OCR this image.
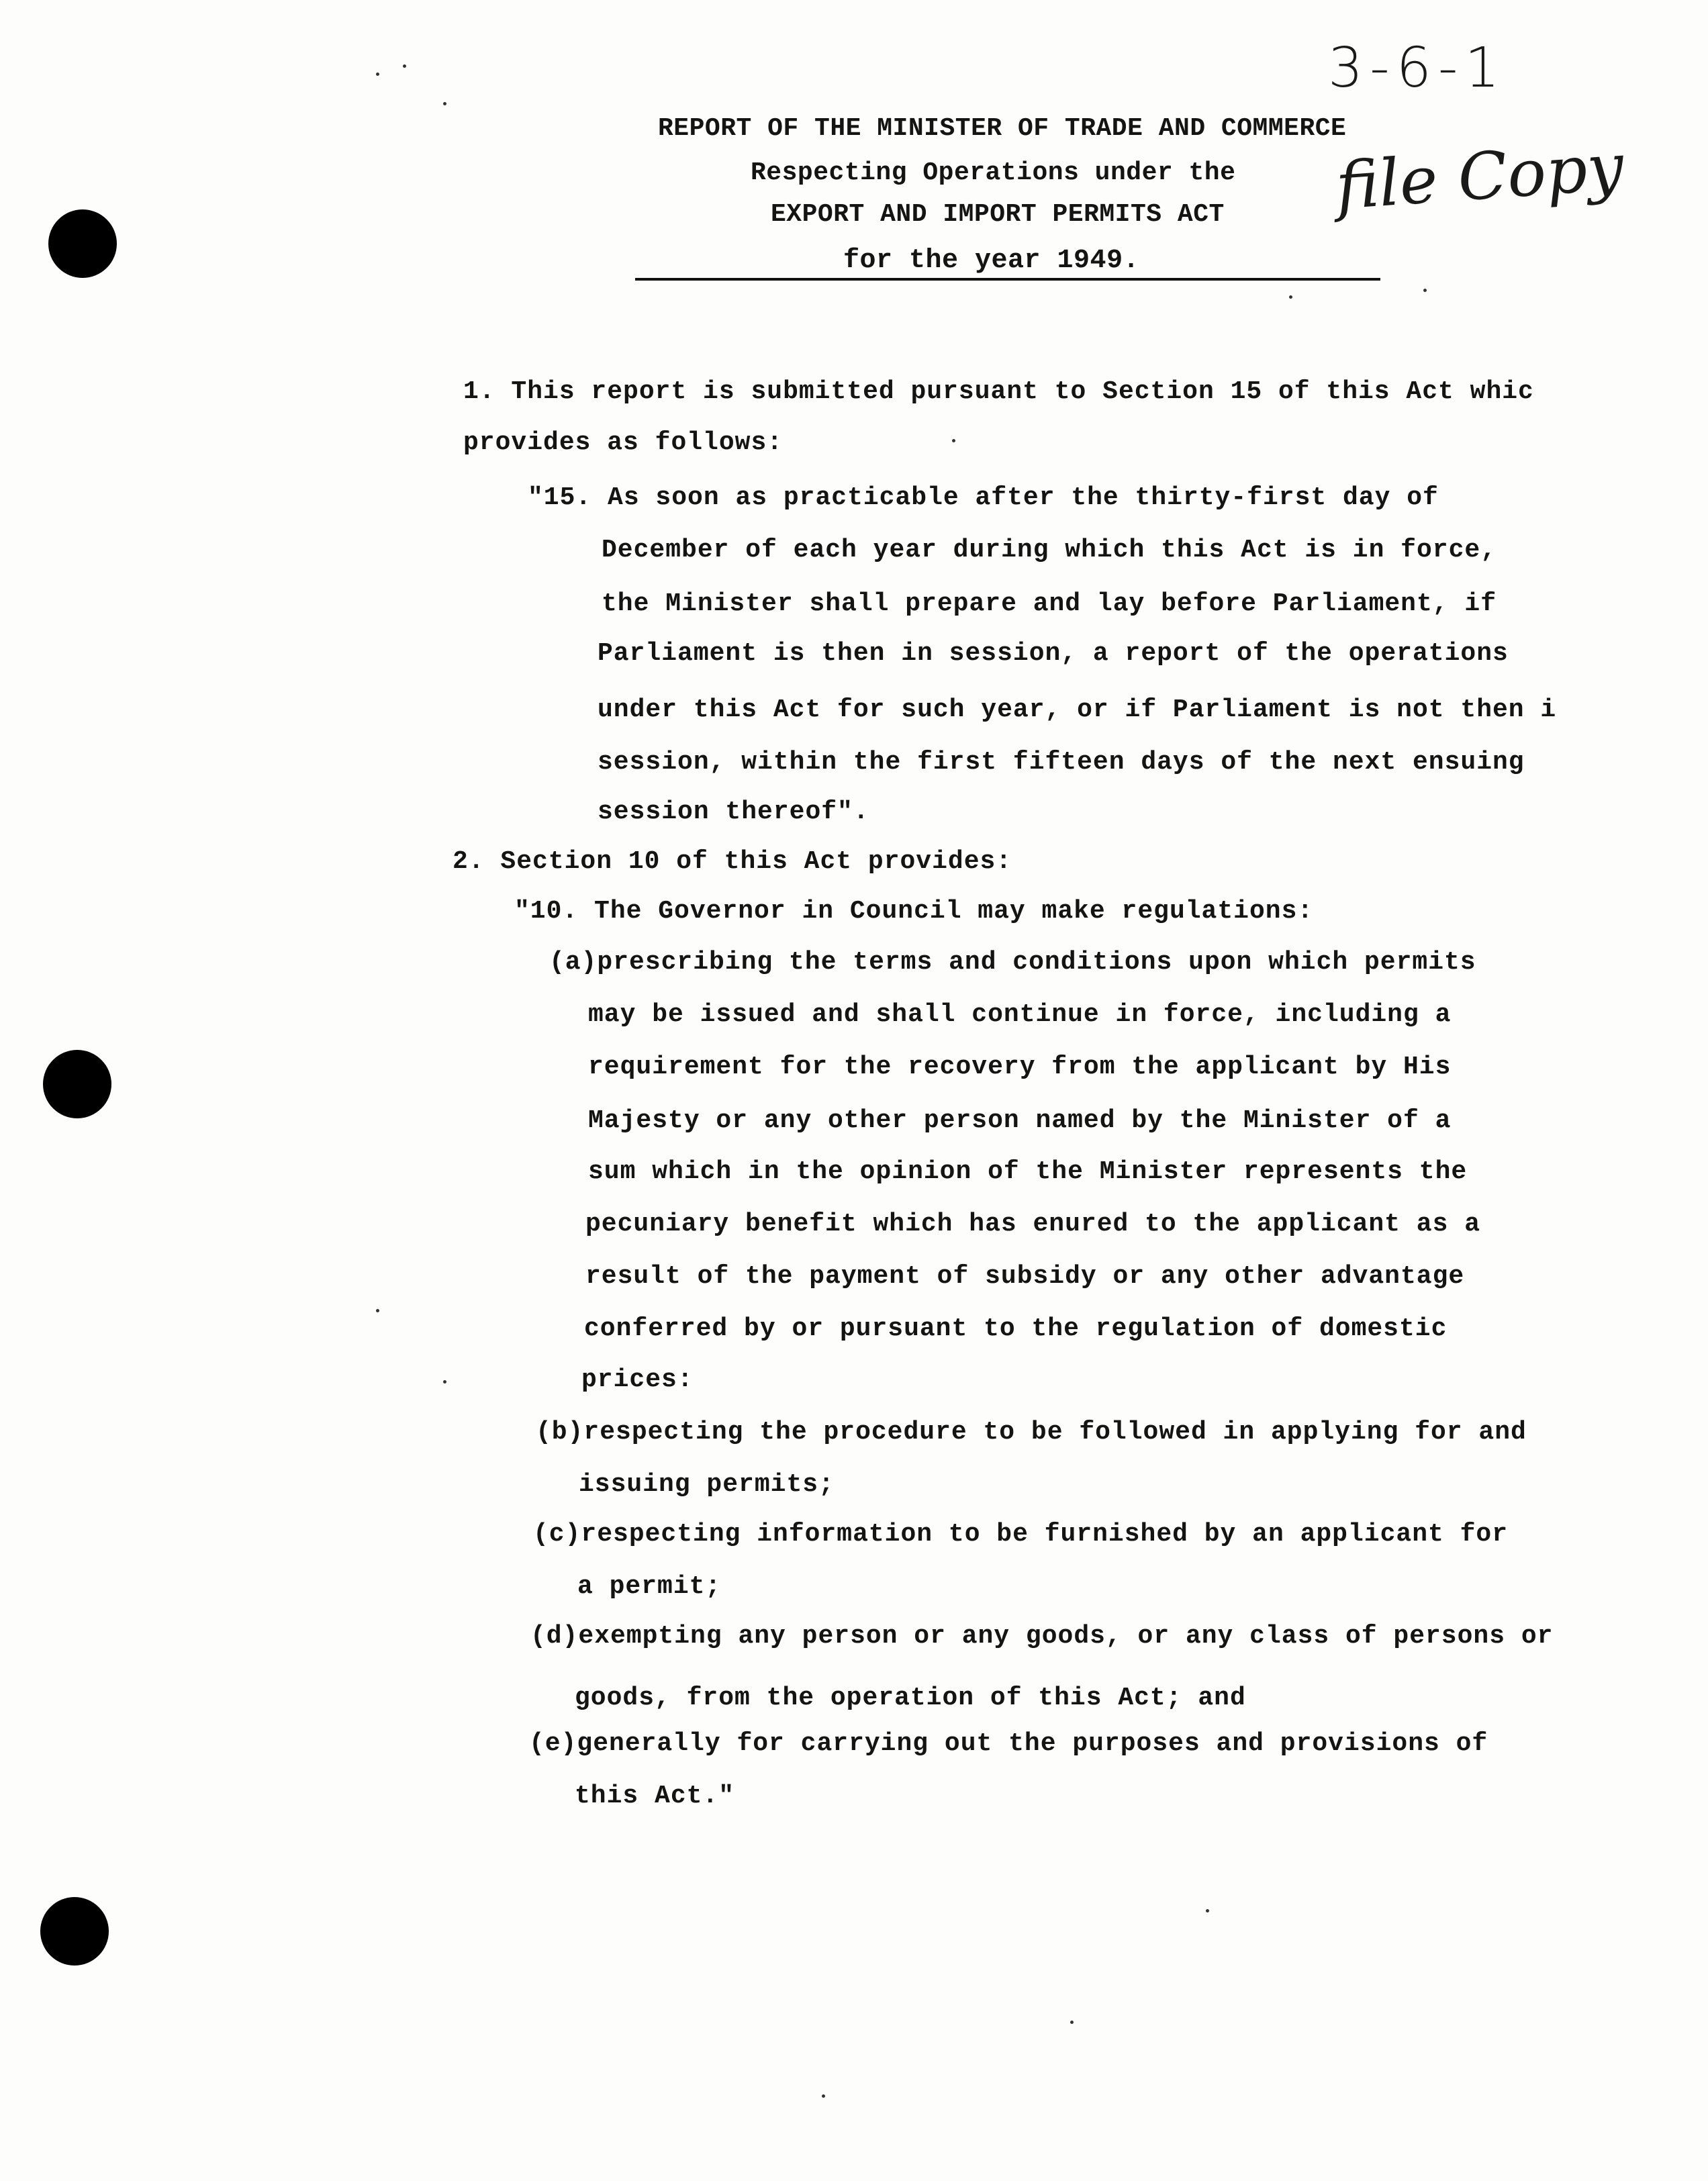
3-6-1
file Copy
REPORT OF THE MINISTER OF TRADE AND COMMERCE
Respecting Operations under the
EXPORT AND IMPORT PERMITS ACT
for the year 1949.
1. This report is submitted pursuant to Section 15 of this Act whic
provides as follows:
"15. As soon as practicable after the thirty-first day of
December of each year during which this Act is in force,
the Minister shall prepare and lay before Parliament, if
Parliament is then in session, a report of the operations
under this Act for such year, or if Parliament is not then i
session, within the first fifteen days of the next ensuing
session thereof".
2. Section 10 of this Act provides:
"10. The Governor in Council may make regulations:
(a)prescribing the terms and conditions upon which permits
may be issued and shall continue in force, including a
requirement for the recovery from the applicant by His
Majesty or any other person named by the Minister of a
sum which in the opinion of the Minister represents the
pecuniary benefit which has enured to the applicant as a
result of the payment of subsidy or any other advantage
conferred by or pursuant to the regulation of domestic
prices:
(b)respecting the procedure to be followed in applying for and
issuing permits;
(c)respecting information to be furnished by an applicant for
a permit;
(d)exempting any person or any goods, or any class of persons or
goods, from the operation of this Act; and
(e)generally for carrying out the purposes and provisions of
this Act."
